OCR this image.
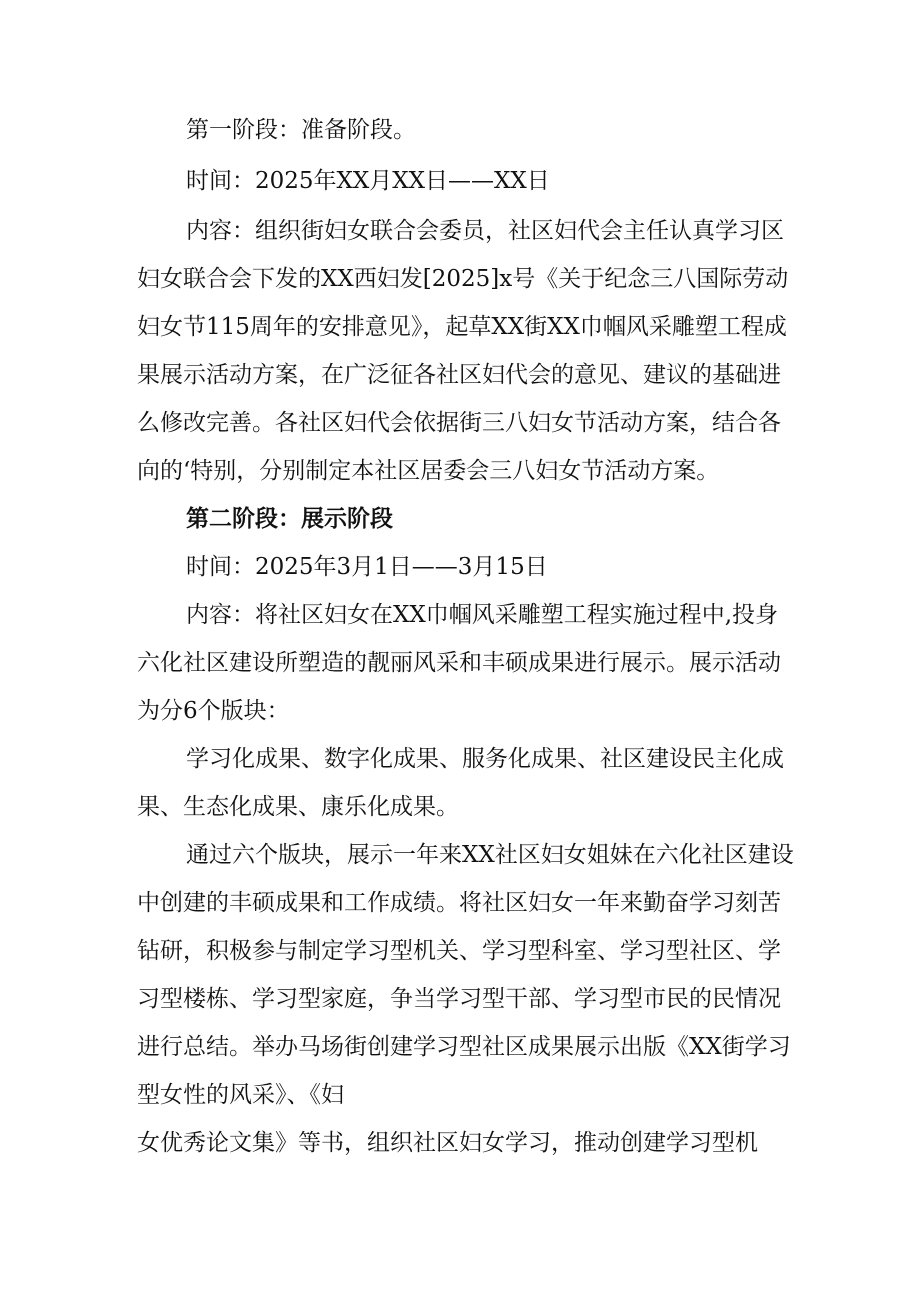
第一阶段：准备阶段。
时间：2025年XX月XX日——XX日
内容：组织街妇女联合会委员，社区妇代会主任认真学习区
妇女联合会下发的XX西妇发[2025]x号《关于纪念三八国际劳动
妇女节115周年的安排意见》，起草XX街XX巾帼风采雕塑工程成
果展示活动方案，在广泛征各社区妇代会的意见、建议的基础进
么修改完善。各社区妇代会依据街三八妇女节活动方案，结合各
向的‘特别，分别制定本社区居委会三八妇女节活动方案。
第二阶段：展示阶段
时间：2025年3月1日——3月15日
内容：将社区妇女在XX巾帼风采雕塑工程实施过程中,投身
六化社区建设所塑造的靓丽风采和丰硕成果进行展示。展示活动
为分6个版块：
学习化成果、数字化成果、服务化成果、社区建设民主化成
果、生态化成果、康乐化成果。
通过六个版块，展示一年来XX社区妇女姐妹在六化社区建设
中创建的丰硕成果和工作成绩。将社区妇女一年来勤奋学习刻苦
钻研，积极参与制定学习型机关、学习型科室、学习型社区、学
习型楼栋、学习型家庭，争当学习型干部、学习型市民的民情况
进行总结。举办马场街创建学习型社区成果展示出版《XX街学习
型女性的风采》、《妇
女优秀论文集》等书，组织社区妇女学习，推动创建学习型机
